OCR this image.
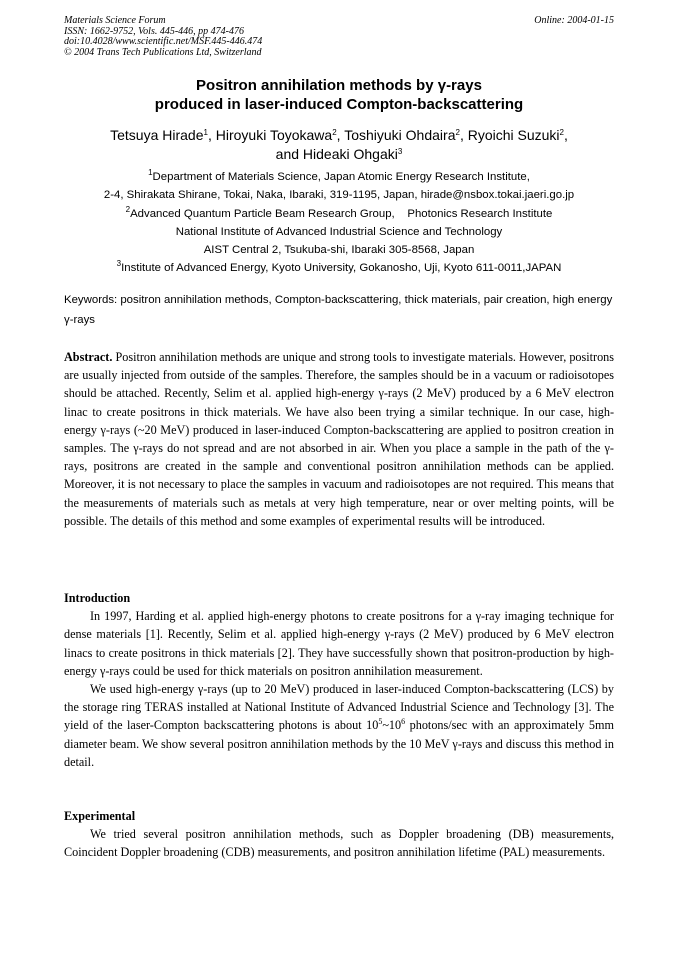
Materials Science Forum
ISSN: 1662-9752, Vols. 445-446, pp 474-476
doi:10.4028/www.scientific.net/MSF.445-446.474
© 2004 Trans Tech Publications Ltd, Switzerland
Online: 2004-01-15
Positron annihilation methods by γ-rays
produced in laser-induced Compton-backscattering
Tetsuya Hirade$^1$, Hiroyuki Toyokawa$^2$, Toshiyuki Ohdaira$^2$, Ryoichi Suzuki$^2$,
and Hideaki Ohgaki$^3$
$^1$Department of Materials Science, Japan Atomic Energy Research Institute,
2-4, Shirakata Shirane, Tokai, Naka, Ibaraki, 319-1195, Japan, hirade@nsbox.tokai.jaeri.go.jp
$^2$Advanced Quantum Particle Beam Research Group,    Photonics Research Institute
National Institute of Advanced Industrial Science and Technology
AIST Central 2, Tsukuba-shi, Ibaraki 305-8568, Japan
$^3$Institute of Advanced Energy, Kyoto University, Gokanosho, Uji, Kyoto 611-0011,JAPAN
Keywords: positron annihilation methods, Compton-backscattering, thick materials, pair creation, high energy γ-rays

Abstract. Positron annihilation methods are unique and strong tools to investigate materials. However, positrons are usually injected from outside of the samples. Therefore, the samples should be in a vacuum or radioisotopes should be attached. Recently, Selim et al. applied high-energy γ-rays (2 MeV) produced by a 6 MeV electron linac to create positrons in thick materials. We have also been trying a similar technique. In our case, high-energy γ-rays (~20 MeV) produced in laser-induced Compton-backscattering are applied to positron creation in samples. The γ-rays do not spread and are not absorbed in air. When you place a sample in the path of the γ-rays, positrons are created in the sample and conventional positron annihilation methods can be applied. Moreover, it is not necessary to place the samples in vacuum and radioisotopes are not required. This means that the measurements of materials such as metals at very high temperature, near or over melting points, will be possible. The details of this method and some examples of experimental results will be introduced.

Introduction

In 1997, Harding et al. applied high-energy photons to create positrons for a γ-ray imaging technique for dense materials [1]. Recently, Selim et al. applied high-energy γ-rays (2 MeV) produced by 6 MeV electron linacs to create positrons in thick materials [2]. They have successfully shown that positron-production by high-energy γ-rays could be used for thick materials on positron annihilation measurement.

We used high-energy γ-rays (up to 20 MeV) produced in laser-induced Compton-backscattering (LCS) by the storage ring TERAS installed at National Institute of Advanced Industrial Science and Technology [3]. The yield of the laser-Compton backscattering photons is about $10^5\sim 10^6$ photons/sec with an approximately 5mm diameter beam. We show several positron annihilation methods by the 10 MeV γ-rays and discuss this method in detail.

Experimental

We tried several positron annihilation methods, such as Doppler broadening (DB) measurements, Coincident Doppler broadening (CDB) measurements, and positron annihilation lifetime (PAL) measurements.
